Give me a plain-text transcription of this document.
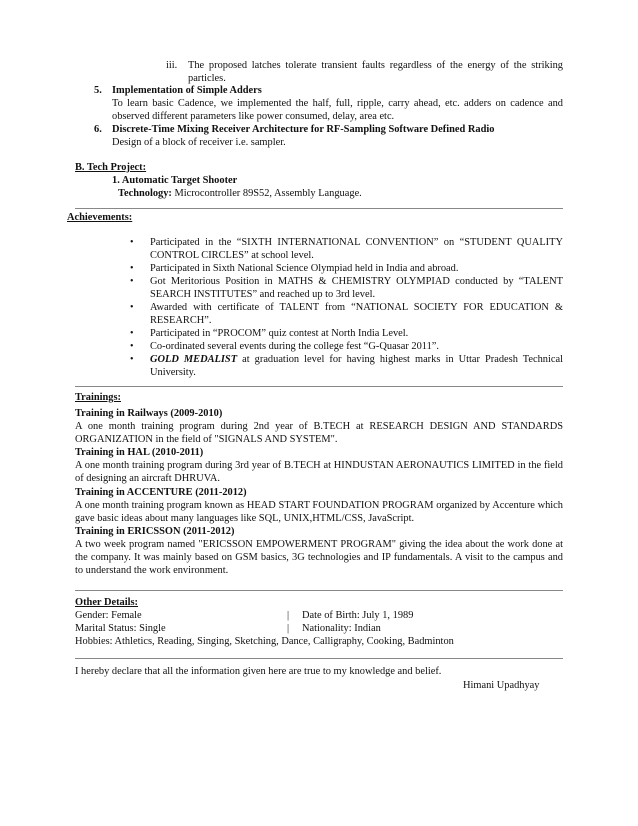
iii. The proposed latches tolerate transient faults regardless of the energy of the striking particles.
5. Implementation of Simple Adders
To learn basic Cadence, we implemented the half, full, ripple, carry ahead, etc. adders on cadence and observed different parameters like power consumed, delay, area etc.
6. Discrete-Time Mixing Receiver Architecture for RF-Sampling Software Defined Radio
Design of a block of receiver i.e. sampler.
B. Tech Project:
1. Automatic Target Shooter
Technology: Microcontroller 89S52, Assembly Language.
Achievements:
•	Participated in the “SIXTH INTERNATIONAL CONVENTION” on “STUDENT QUALITY CONTROL CIRCLES” at school level.
•	Participated in Sixth National Science Olympiad held in India and abroad.
•	Got Meritorious Position in MATHS & CHEMISTRY OLYMPIAD conducted by “TALENT SEARCH INSTITUTES” and reached up to 3rd level.
•	Awarded with certificate of TALENT from “NATIONAL SOCIETY FOR EDUCATION & RESEARCH”.
•	Participated in “PROCOM” quiz contest at North India Level.
•	Co-ordinated several events during the college fest “G-Quasar 2011”.
•	GOLD MEDALIST at graduation level for having highest marks in Uttar Pradesh Technical University.
Trainings:
Training in Railways (2009-2010)
A one month training program during 2nd year of B.TECH at RESEARCH DESIGN AND STANDARDS ORGANIZATION in the field of "SIGNALS AND SYSTEM".
Training in HAL (2010-2011)
A one month training program during 3rd year of B.TECH at HINDUSTAN AERONAUTICS LIMITED in the field of designing an aircraft DHRUVA.
Training in ACCENTURE (2011-2012)
A one month training program known as HEAD START FOUNDATION PROGRAM organized by Accenture which gave basic ideas about many languages like SQL, UNIX,HTML/CSS, JavaScript.
Training in ERICSSON (2011-2012)
A two week program named "ERICSSON EMPOWERMENT PROGRAM" giving the idea about the work done at the company. It was mainly based on GSM basics, 3G technologies and IP fundamentals. A visit to the campus and to understand the work environment.
Other Details:
Gender: Female	| Date of Birth: July 1, 1989
Marital Status: Single	| Nationality: Indian
Hobbies: Athletics, Reading, Singing, Sketching, Dance, Calligraphy, Cooking, Badminton
I hereby declare that all the information given here are true to my knowledge and belief.
Himani Upadhyay
